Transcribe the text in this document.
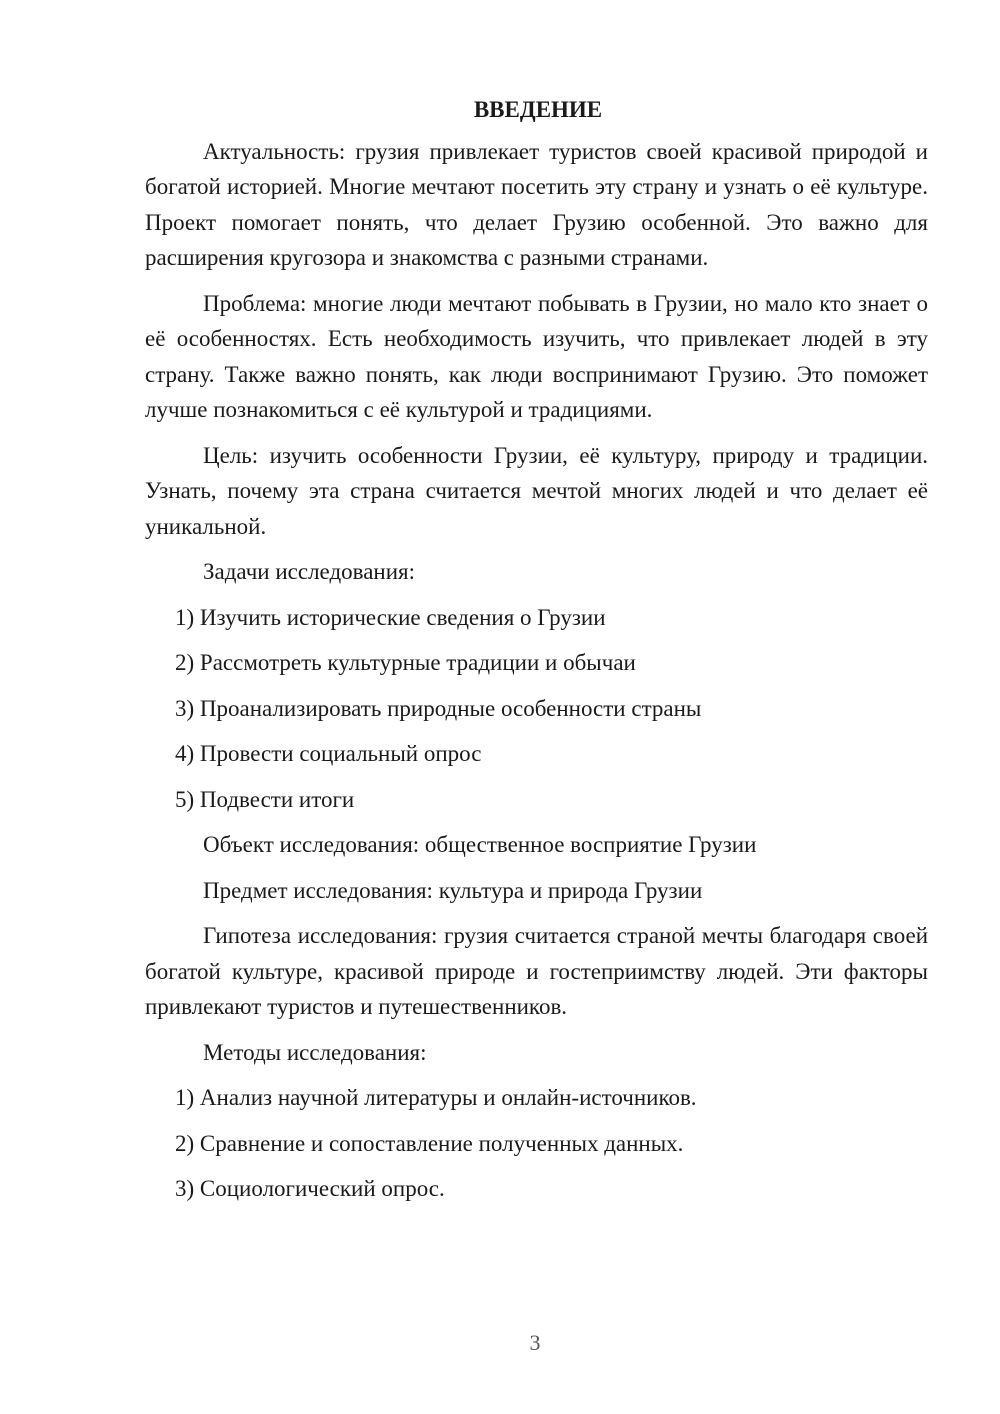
ВВЕДЕНИЕ

Актуальность: грузия привлекает туристов своей красивой природой и богатой историей. Многие мечтают посетить эту страну и узнать о её культуре. Проект помогает понять, что делает Грузию особенной. Это важно для расширения кругозора и знакомства с разными странами.

Проблема: многие люди мечтают побывать в Грузии, но мало кто знает о её особенностях. Есть необходимость изучить, что привлекает людей в эту страну. Также важно понять, как люди воспринимают Грузию. Это поможет лучше познакомиться с её культурой и традициями.

Цель: изучить особенности Грузии, её культуру, природу и традиции. Узнать, почему эта страна считается мечтой многих людей и что делает её уникальной.

Задачи исследования:
1) Изучить исторические сведения о Грузии
2) Рассмотреть культурные традиции и обычаи
3) Проанализировать природные особенности страны
4) Провести социальный опрос
5) Подвести итоги
Объект исследования: общественное восприятие Грузии
Предмет исследования: культура и природа Грузии

Гипотеза исследования: грузия считается страной мечты благодаря своей богатой культуре, красивой природе и гостеприимству людей. Эти факторы привлекают туристов и путешественников.

Методы исследования:
1) Анализ научной литературы и онлайн-источников.
2) Сравнение и сопоставление полученных данных.
3) Социологический опрос.
3
